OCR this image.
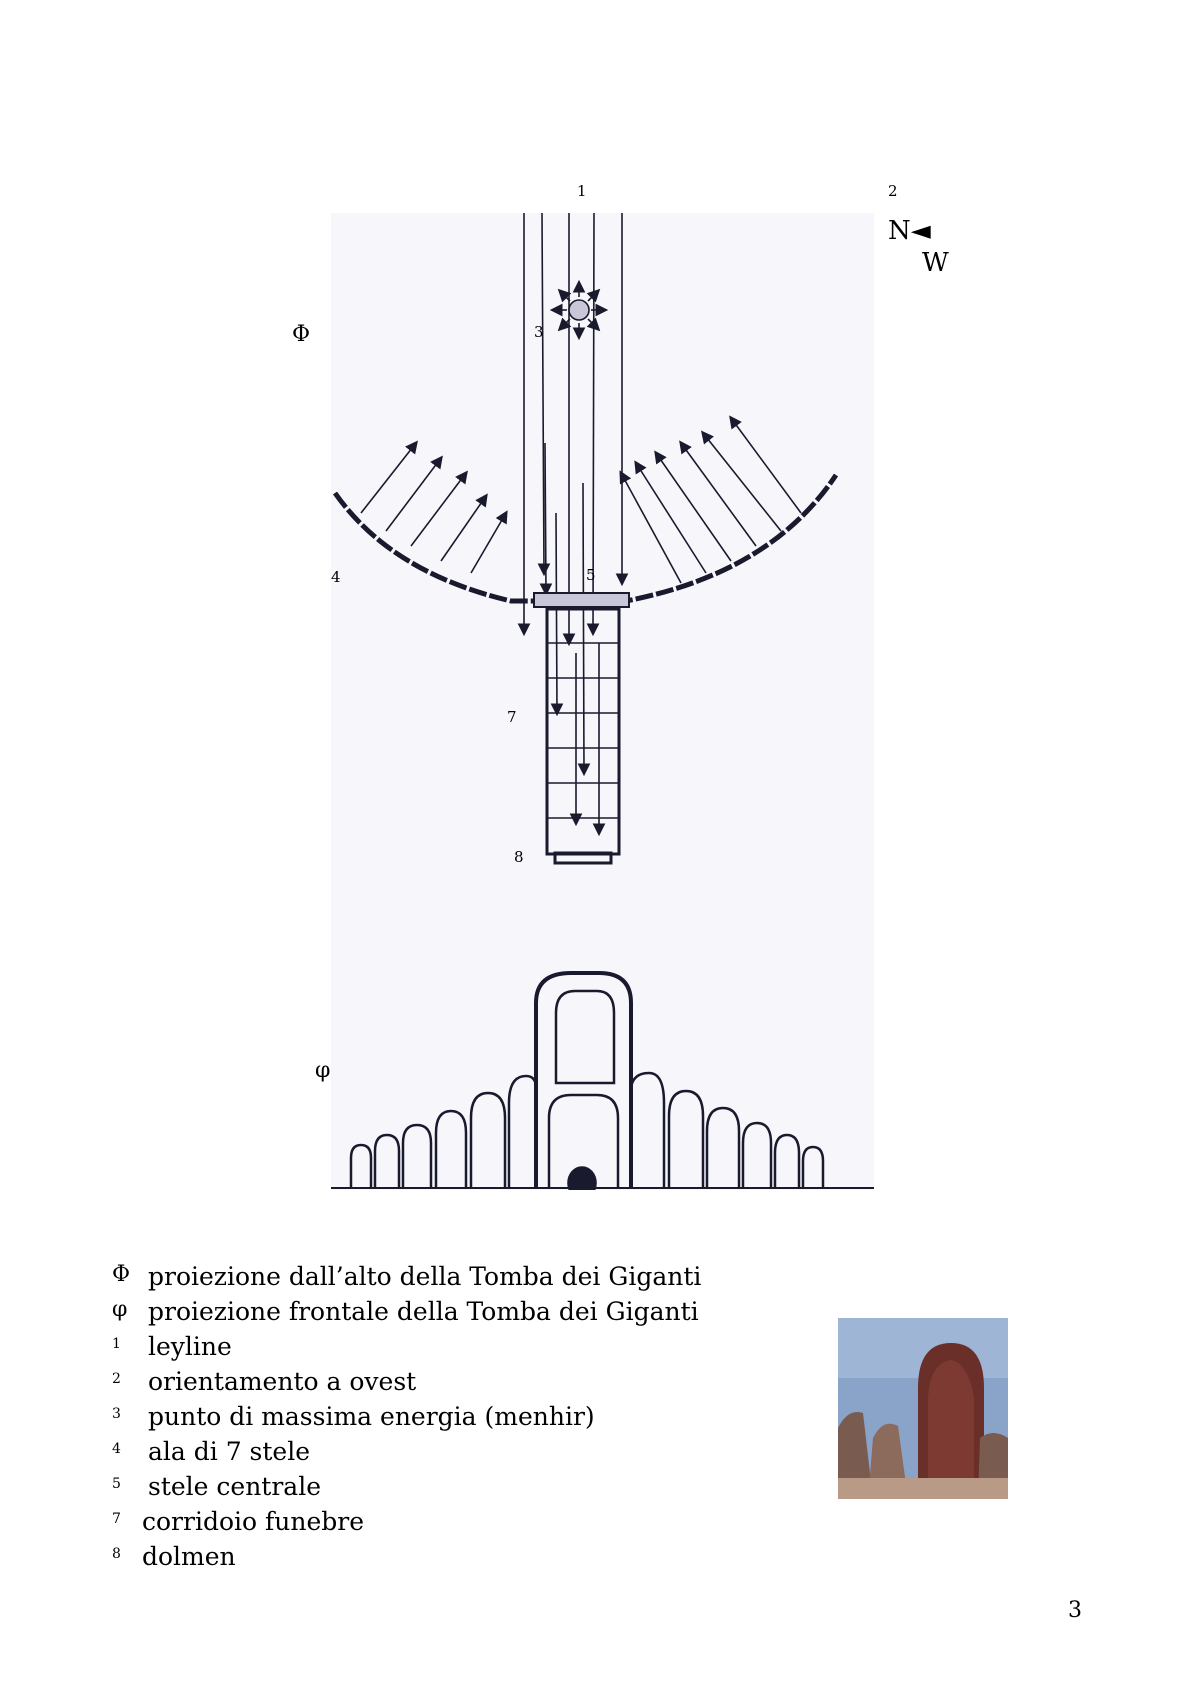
1	2
N◄
W
Φ
φ
3
4	5
7
8
Φ proiezione dall’alto della Tomba dei Giganti
φ proiezione frontale della Tomba dei Giganti
1	leyline
2	orientamento a ovest
3	punto di massima energia (menhir)
4	ala di 7 stele
5	stele centrale
7 corridoio funebre
8 dolmen
3
